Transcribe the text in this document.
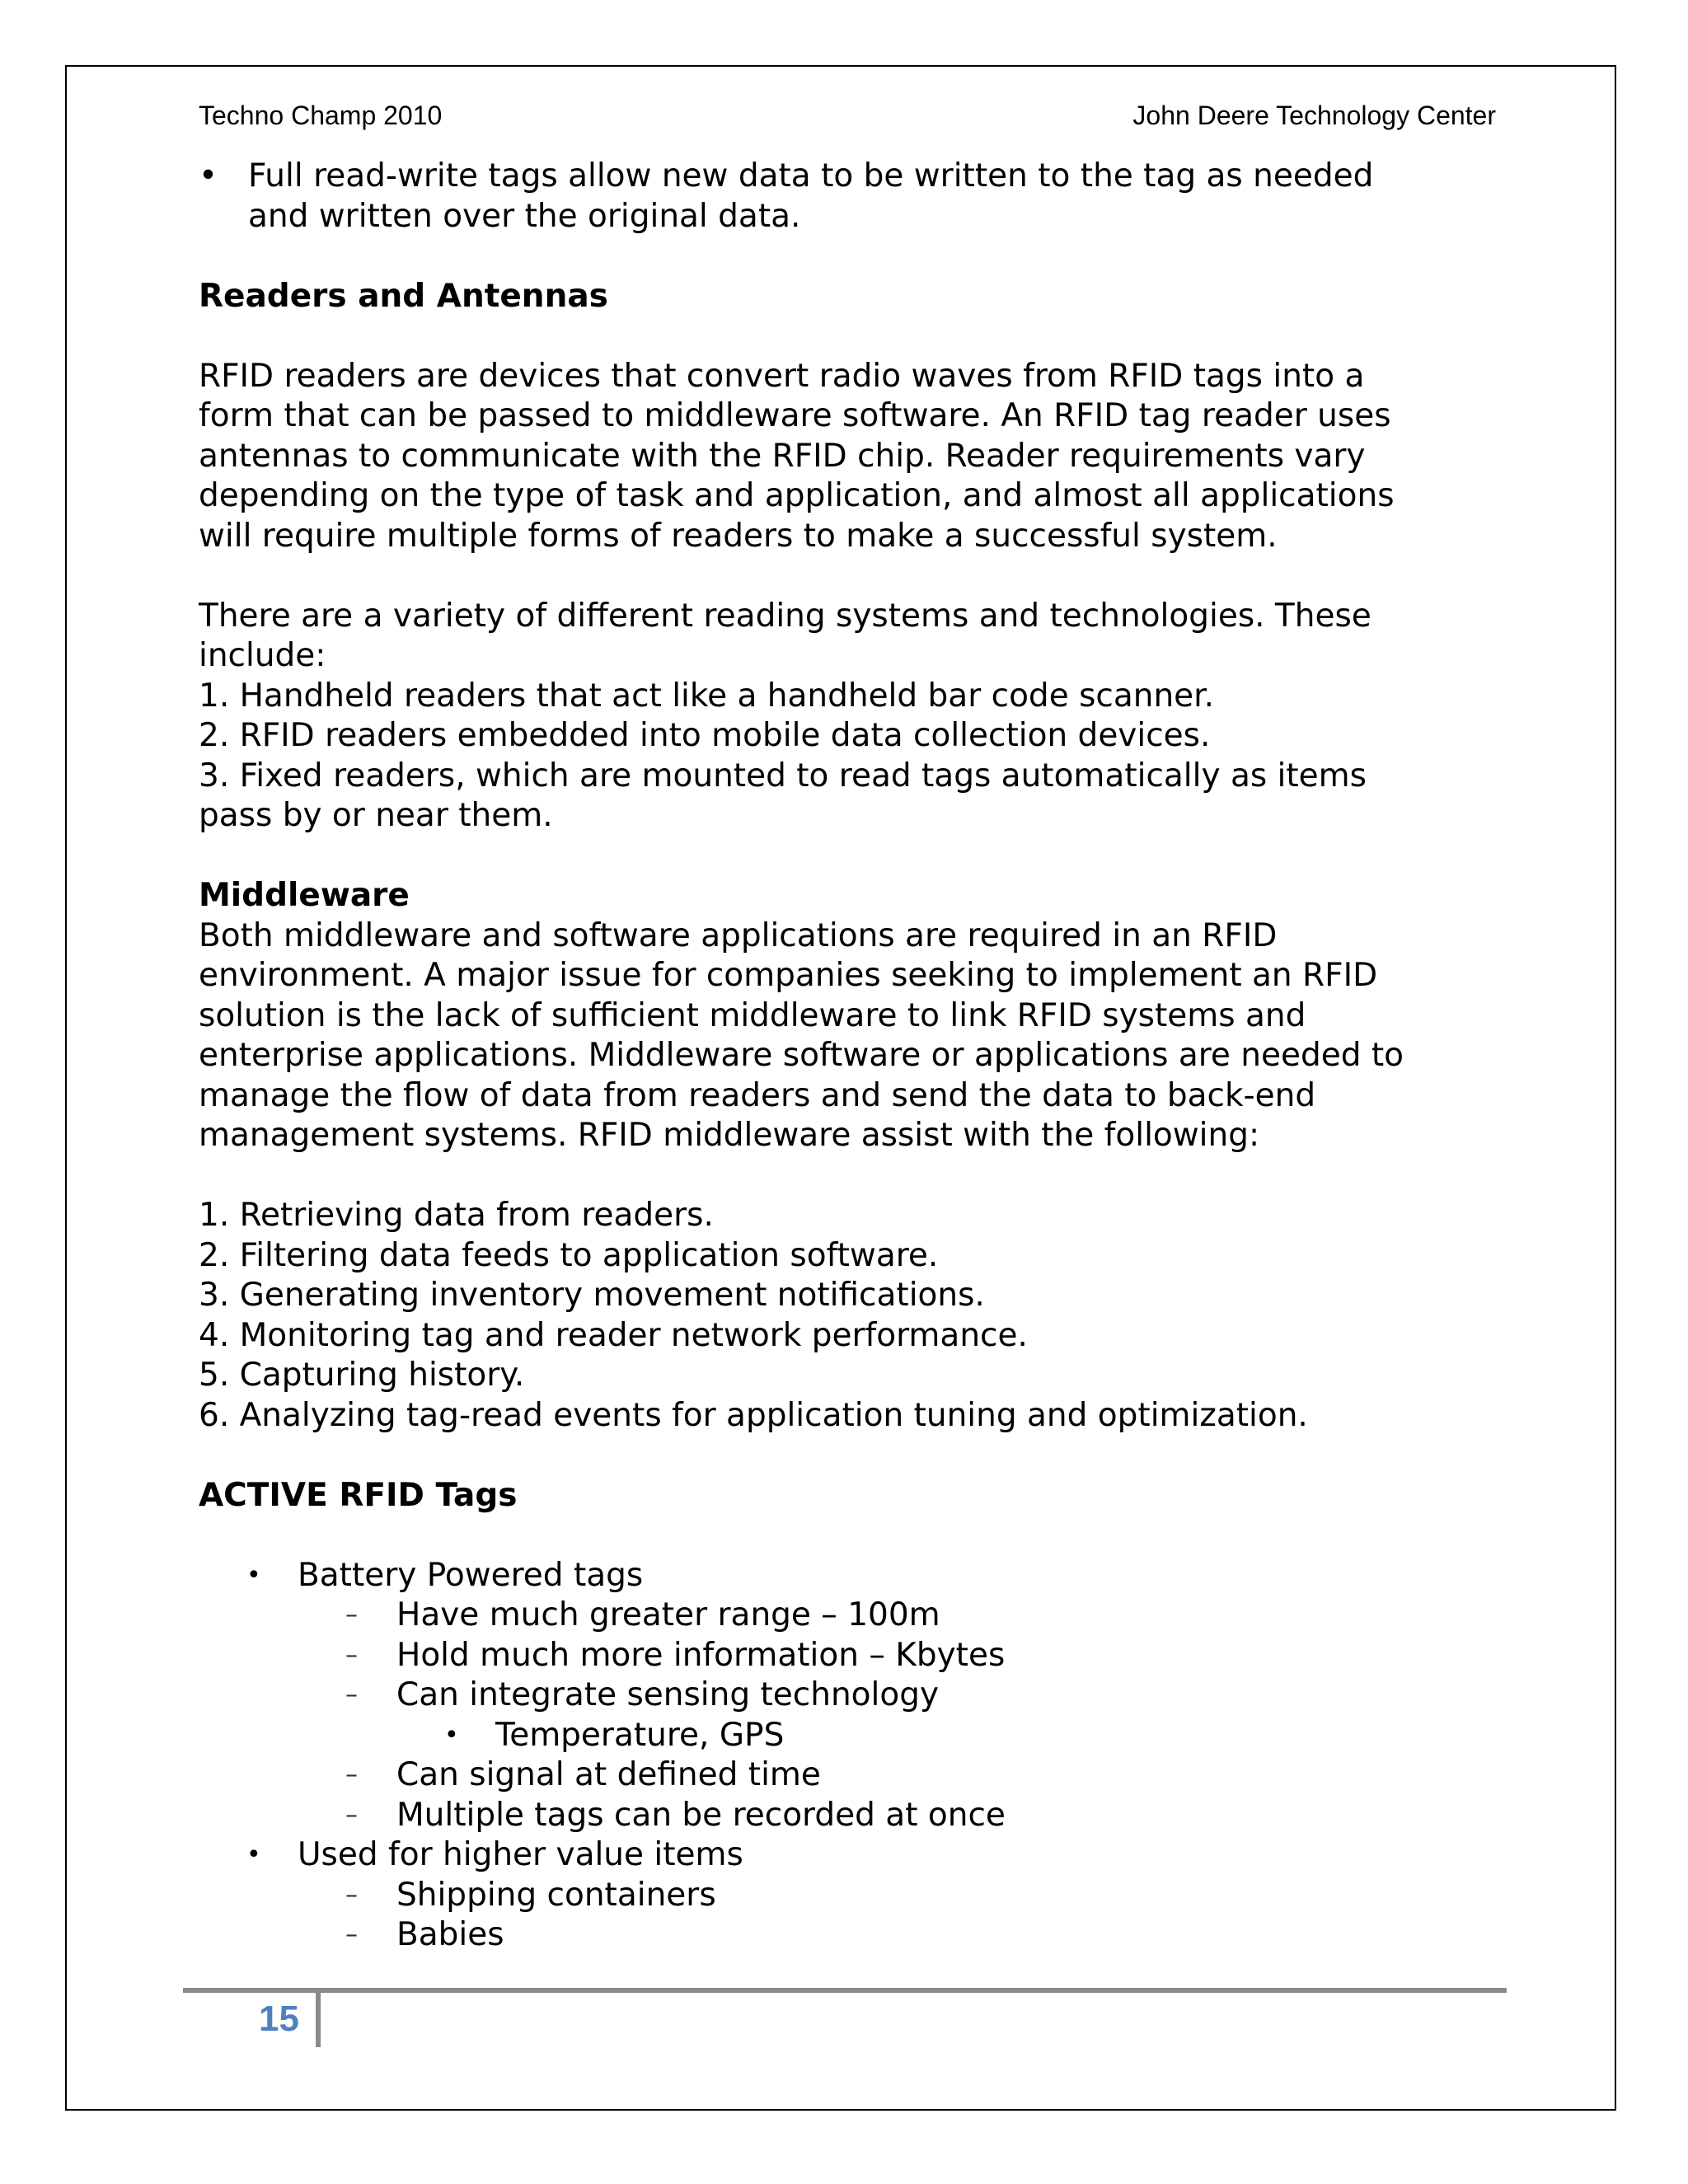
Techno Champ 2010	John Deere Technology Center
• Full read-write tags allow new data to be written to the tag as needed

and written over the original data.

Readers and Antennas

RFID readers are devices that convert radio waves from RFID tags into a

form that can be passed to middleware software. An RFID tag reader uses

antennas to communicate with the RFID chip. Reader requirements vary

depending on the type of task and application, and almost all applications

will require multiple forms of readers to make a successful system.

There are a variety of different reading systems and technologies. These

include:

1. Handheld readers that act like a handheld bar code scanner.

2. RFID readers embedded into mobile data collection devices.

3. Fixed readers, which are mounted to read tags automatically as items

pass by or near them.

Middleware

Both middleware and software applications are required in an RFID

environment. A major issue for companies seeking to implement an RFID

solution is the lack of sufficient middleware to link RFID systems and

enterprise applications. Middleware software or applications are needed to

manage the flow of data from readers and send the data to back-end

management systems. RFID middleware assist with the following:

1. Retrieving data from readers.

2. Filtering data feeds to application software.

3. Generating inventory movement notifications.

4. Monitoring tag and reader network performance.

5. Capturing history.

6. Analyzing tag-read events for application tuning and optimization.

ACTIVE RFID Tags
•	Battery Powered tags
–	Have much greater range – 100m
–	Hold much more information – Kbytes
–	Can integrate sensing technology
•	Temperature, GPS
–	Can signal at defined time
–	Multiple tags can be recorded at once
•	Used for higher value items
–	Shipping containers
–	Babies
15
